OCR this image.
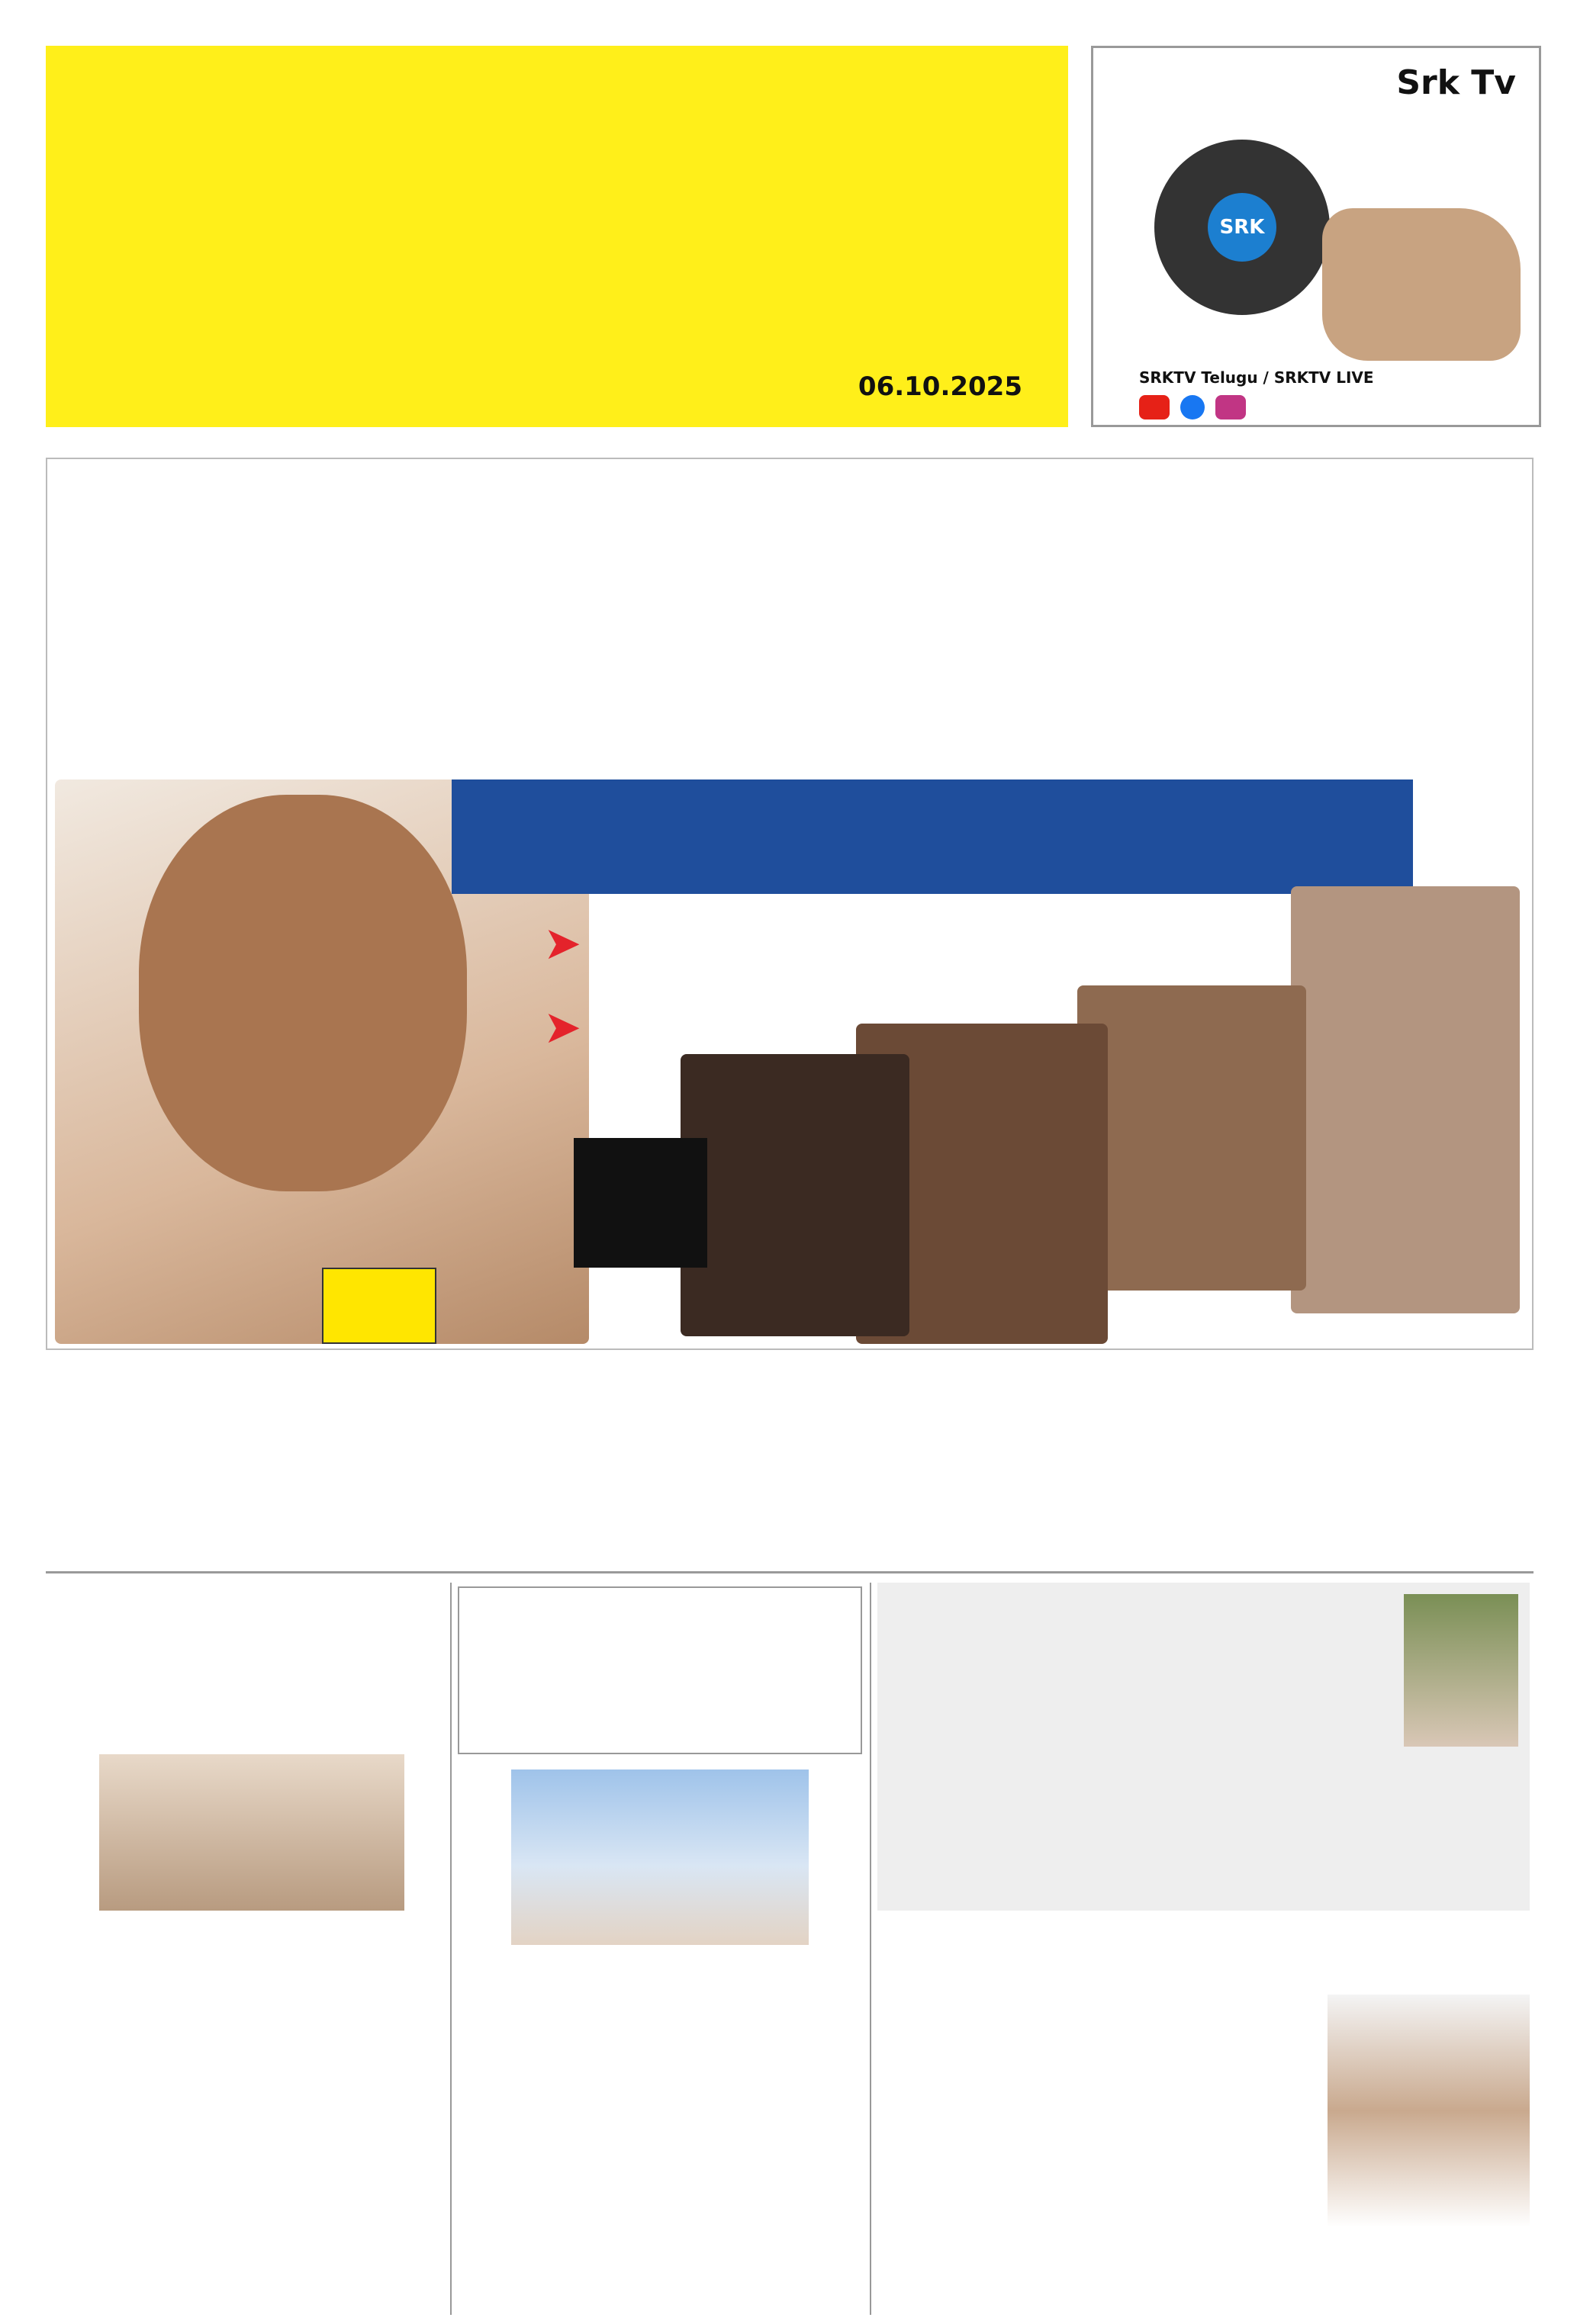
06.10.2025
Srk Tv
SRK
SRKTV Telugu / SRKTV LIVE
➤
➤
